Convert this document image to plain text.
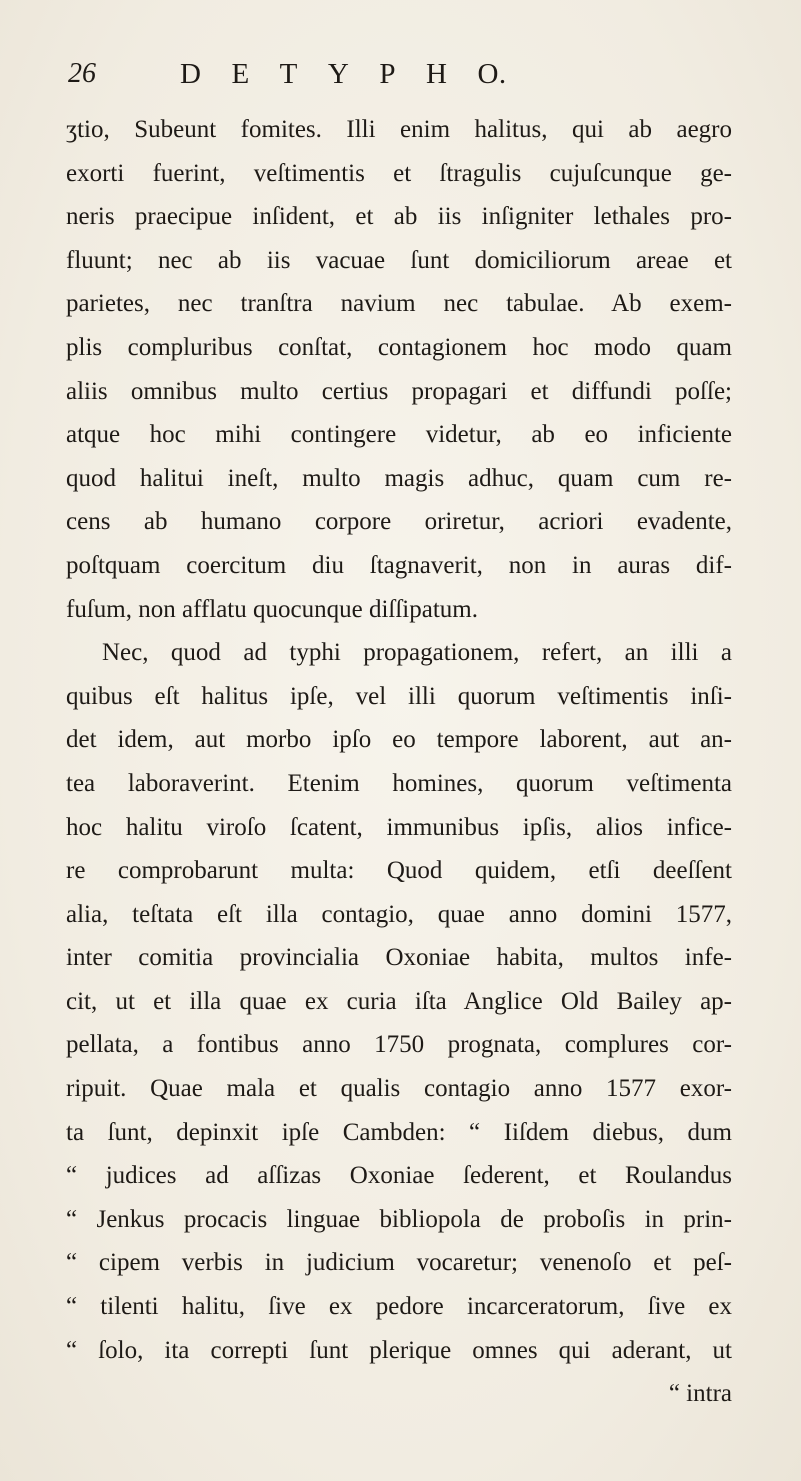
26	D E T Y P H O.
ʒtio, Subeunt fomites. Illi enim halitus, qui ab aegro
exorti fuerint, veſtimentis et ſtragulis cujuſcunque ge-
neris praecipue inſident, et ab iis inſigniter lethales pro-
fluunt; nec ab iis vacuae ſunt domiciliorum areae et
parietes, nec tranſtra navium nec tabulae. Ab exem-
plis compluribus conſtat, contagionem hoc modo quam
aliis omnibus multo certius propagari et diffundi poſſe;
atque hoc mihi contingere videtur, ab eo inficiente
quod halitui ineſt, multo magis adhuc, quam cum re-
cens ab humano corpore oriretur, acriori evadente,
poſtquam coercitum diu ſtagnaverit, non in auras dif-
fuſum, non afflatu quocunque diſſipatum.
Nec, quod ad typhi propagationem, refert, an illi a
quibus eſt halitus ipſe, vel illi quorum veſtimentis inſi-
det idem, aut morbo ipſo eo tempore laborent, aut an-
tea laboraverint. Etenim homines, quorum veſtimenta
hoc halitu viroſo ſcatent, immunibus ipſis, alios infice-
re comprobarunt multa: Quod quidem, etſi deeſſent
alia, teſtata eſt illa contagio, quae anno domini 1577,
inter comitia provincialia Oxoniae habita, multos infe-
cit, ut et illa quae ex curia iſta Anglice Old Bailey ap-
pellata, a fontibus anno 1750 prognata, complures cor-
ripuit. Quae mala et qualis contagio anno 1577 exor-
ta ſunt, depinxit ipſe Cambden: “ Iiſdem diebus, dum
“ judices ad aſſizas Oxoniae ſederent, et Roulandus
“ Jenkus procacis linguae bibliopola de proboſis in prin-
“ cipem verbis in judicium vocaretur; venenoſo et peſ-
“ tilenti halitu, ſive ex pedore incarceratorum, ſive ex
“ ſolo, ita correpti ſunt plerique omnes qui aderant, ut
“ intra
